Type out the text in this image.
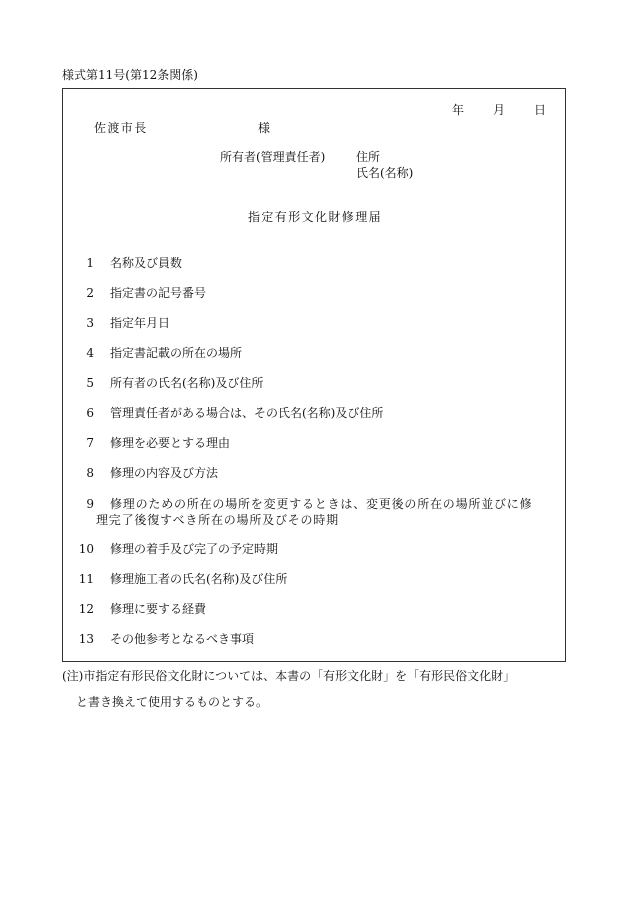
様式第11号(第12条関係)
年 月 日
佐渡市長	様
所有者(管理責任者)	住所
氏名(名称)
指定有形文化財修理届
1 名称及び員数
2 指定書の記号番号
3 指定年月日
4 指定書記載の所在の場所
5 所有者の氏名(名称)及び住所
6 管理責任者がある場合は、その氏名(名称)及び住所
7 修理を必要とする理由
8 修理の内容及び方法
9 修理のための所在の場所を変更するときは、変更後の所在の場所並びに修
理完了後復すべき所在の場所及びその時期
10 修理の着手及び完了の予定時期
11 修理施工者の氏名(名称)及び住所
12 修理に要する経費
13 その他参考となるべき事項
(注)市指定有形民俗文化財については、本書の「有形文化財」を「有形民俗文化財」
と書き換えて使用するものとする。
